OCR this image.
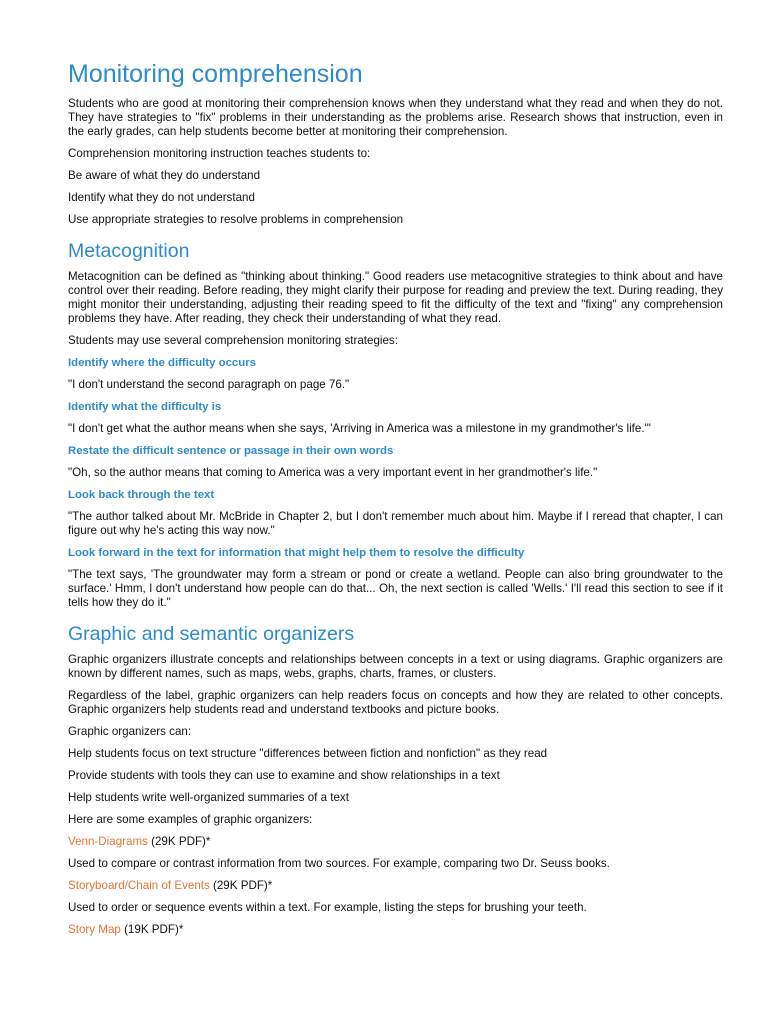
Monitoring comprehension

Students who are good at monitoring their comprehension knows when they understand what they read and when they do not. They have strategies to "fix" problems in their understanding as the problems arise. Research shows that instruction, even in the early grades, can help students become better at monitoring their comprehension.

Comprehension monitoring instruction teaches students to:

Be aware of what they do understand

Identify what they do not understand

Use appropriate strategies to resolve problems in comprehension

Metacognition

Metacognition can be defined as "thinking about thinking." Good readers use metacognitive strategies to think about and have control over their reading. Before reading, they might clarify their purpose for reading and preview the text. During reading, they might monitor their understanding, adjusting their reading speed to fit the difficulty of the text and "fixing" any comprehension problems they have. After reading, they check their understanding of what they read.

Students may use several comprehension monitoring strategies:

Identify where the difficulty occurs

"I don't understand the second paragraph on page 76."

Identify what the difficulty is

"I don't get what the author means when she says, 'Arriving in America was a milestone in my grandmother's life.'"

Restate the difficult sentence or passage in their own words

"Oh, so the author means that coming to America was a very important event in her grandmother's life."

Look back through the text

"The author talked about Mr. McBride in Chapter 2, but I don't remember much about him. Maybe if I reread that chapter, I can figure out why he's acting this way now."

Look forward in the text for information that might help them to resolve the difficulty

"The text says, 'The groundwater may form a stream or pond or create a wetland. People can also bring groundwater to the surface.' Hmm, I don't understand how people can do that... Oh, the next section is called 'Wells.' I'll read this section to see if it tells how they do it."

Graphic and semantic organizers

Graphic organizers illustrate concepts and relationships between concepts in a text or using diagrams. Graphic organizers are known by different names, such as maps, webs, graphs, charts, frames, or clusters.

Regardless of the label, graphic organizers can help readers focus on concepts and how they are related to other concepts. Graphic organizers help students read and understand textbooks and picture books.

Graphic organizers can:

Help students focus on text structure "differences between fiction and nonfiction" as they read

Provide students with tools they can use to examine and show relationships in a text

Help students write well-organized summaries of a text

Here are some examples of graphic organizers:

Venn-Diagrams (29K PDF)*

Used to compare or contrast information from two sources. For example, comparing two Dr. Seuss books.

Storyboard/Chain of Events (29K PDF)*

Used to order or sequence events within a text. For example, listing the steps for brushing your teeth.

Story Map (19K PDF)*
